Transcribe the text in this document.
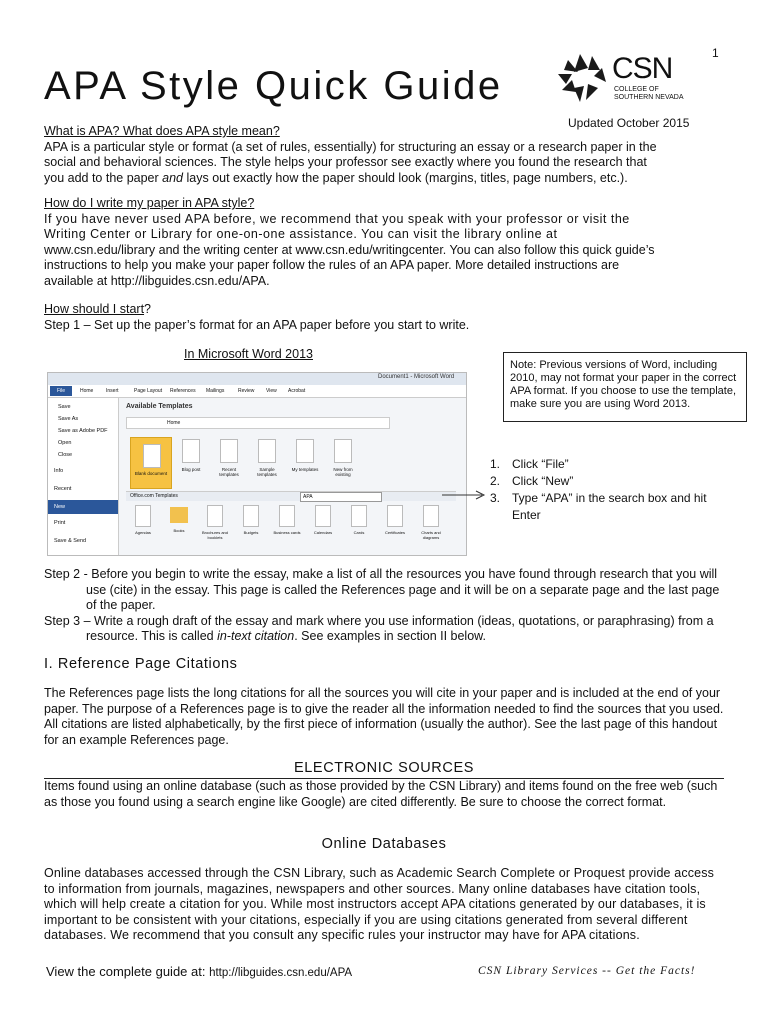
1
APA Style Quick Guide	CSN
COLLEGE OF
SOUTHERN NEVADA
Updated October 2015

What is APA? What does APA style mean?

APA is a particular style or format (a set of rules, essentially) for structuring an essay or a research paper in the

social and behavioral sciences. The style helps your professor see exactly where you found the research that

you add to the paper and lays out exactly how the paper should look (margins, titles, page numbers, etc.).

How do I write my paper in APA style?

If you have never used APA before, we recommend that you speak with your professor or visit the

Writing Center or Library for one-on-one assistance. You can visit the library online at

www.csn.edu/library and the writing center at www.csn.edu/writingcenter. You can also follow this quick guide’s

instructions to help you make your paper follow the rules of an APA paper. More detailed instructions are

available at http://libguides.csn.edu/APA.

How should I start?

Step 1 – Set up the paper’s format for an APA paper before you start to write.

In Microsoft Word 2013
Document1 - Microsoft Word
File	Home	Insert	Page Layout References Mailings	Review View Acrobat
Save
Save As
Save as Adobe PDF
Open
Close
Info
Recent
New
Print
Save & Send
Available Templates
Home
Blank document
Blog post	Recent templates
Sample templates
My templates	New from existing
Office.com Templates	APA
Agendas	Books	Brochures and booklets
Budgets	Business cards	Calendars	Cards	Certificates	Charts and diagrams
Note: Previous versions of Word, including 2010, may not format your paper in the correct APA format. If you choose to use the template, make sure you are using Word 2013.
1. Click “File”
2. Click “New”
3. Type “APA” in the search box and hit Enter

Step 2 - Before you begin to write the essay, make a list of all the resources you have found through research that you will use (cite) in the essay. This page is called the References page and it will be on a separate page and the last page of the paper.

Step 3 – Write a rough draft of the essay and mark where you use information (ideas, quotations, or paraphrasing) from a resource. This is called in-text citation. See examples in section II below.

I. Reference Page Citations

The References page lists the long citations for all the sources you will cite in your paper and is included at the end of your paper. The purpose of a References page is to give the reader all the information needed to find the sources that you used. All citations are listed alphabetically, by the first piece of information (usually the author). See the last page of this handout for an example References page.

ELECTRONIC SOURCES

Items found using an online database (such as those provided by the CSN Library) and items found on the free web (such as those you found using a search engine like Google) are cited differently. Be sure to choose the correct format.

Online Databases

Online databases accessed through the CSN Library, such as Academic Search Complete or Proquest provide access to information from journals, magazines, newspapers and other sources. Many online databases have citation tools, which will help create a citation for you. While most instructors accept APA citations generated by our databases, it is important to be consistent with your citations, especially if you are using citations generated from several different databases. We recommend that you consult any specific rules your instructor may have for APA citations.

View the complete guide at: http://libguides.csn.edu/APA	CSN Library Services -- Get the Facts!
